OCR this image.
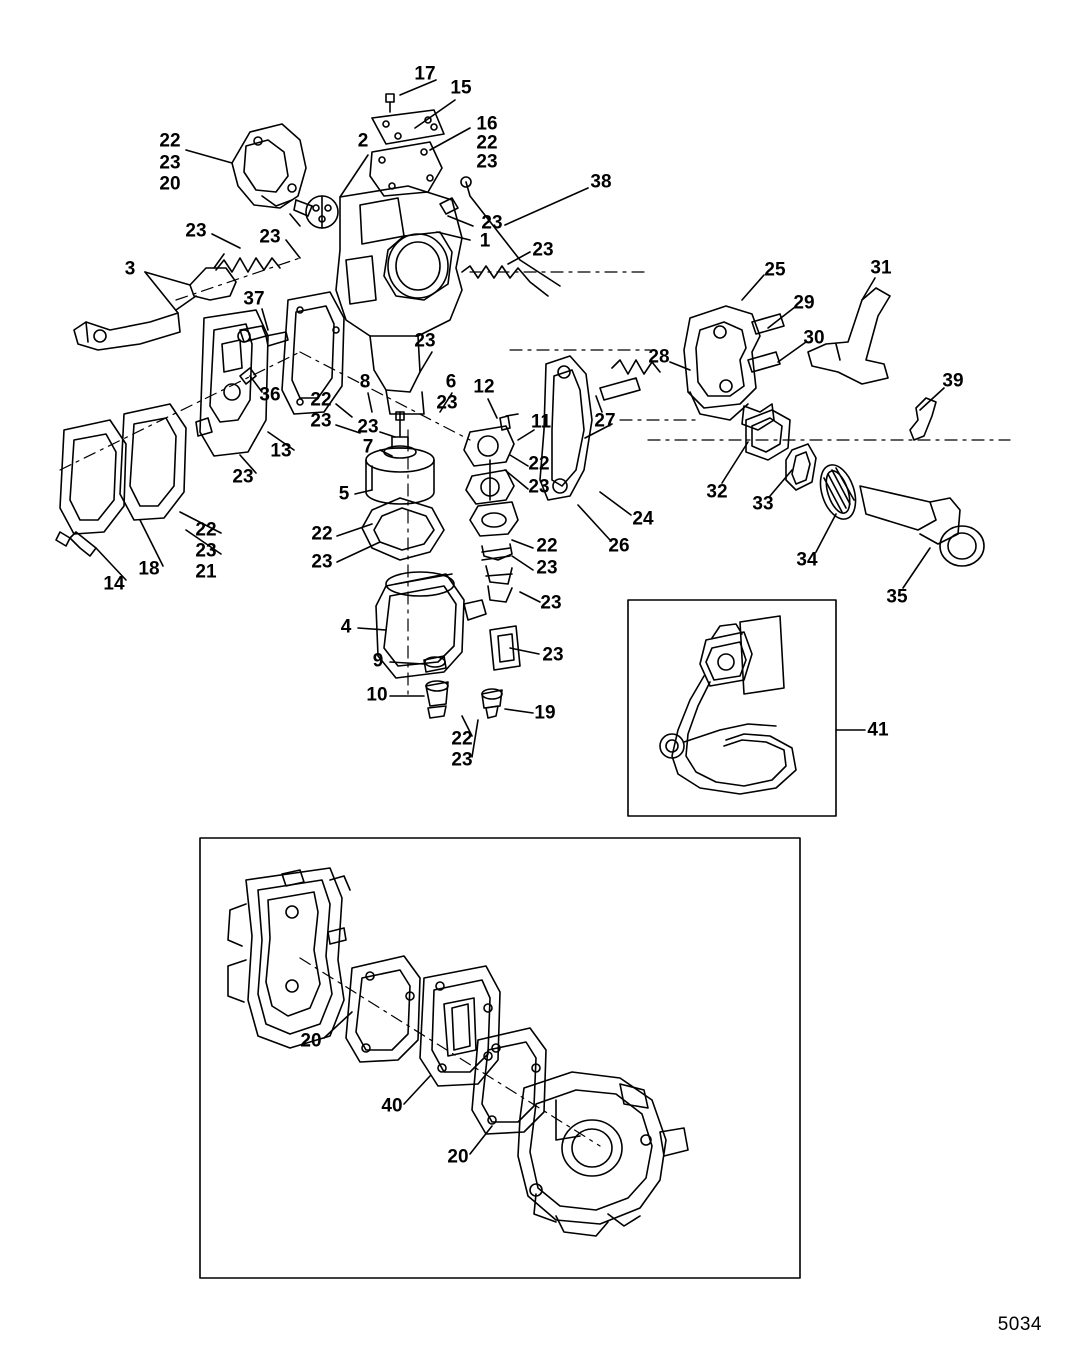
17
15
16
22
23
22
23
20
2
38
23
1
23	23
23
3
37
25	31
29
30
28
23
36
8	6 12
23
11
39
22
23 23
7
27
22
23
13
23
5	32
33
34
35
24
26
22
23
21
18
14
22
23
22
23
23
4
23
9
10
19
22
23
41
20
40
20
5034
